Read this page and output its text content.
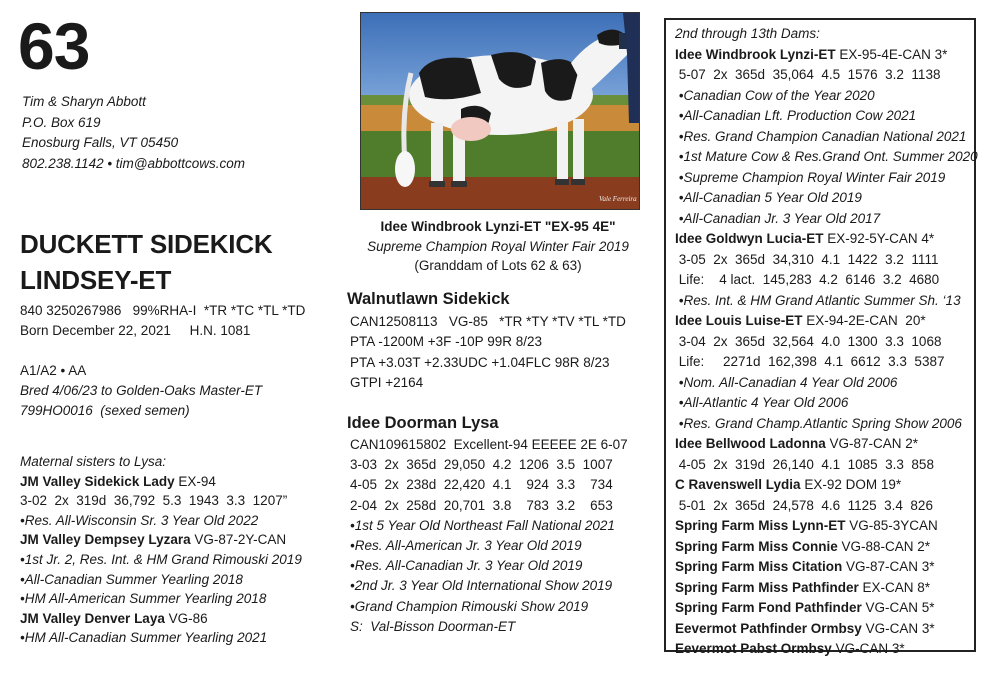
63
Tim & Sharyn Abbott
P.O. Box 619
Enosburg Falls, VT 05450
802.238.1142 • tim@abbottcows.com
DUCKETT SIDEKICK
LINDSEY-ET
840 3250267986   99%RHA-I  *TR *TC *TL *TD
Born December 22, 2021     H.N. 1081
A1/A2 • AA
Bred 4/06/23 to Golden-Oaks Master-ET
799HO0016  (sexed semen)
Maternal sisters to Lysa:
JM Valley Sidekick Lady EX-94
3-02  2x  319d  36,792  5.3  1943  3.3  1207”
•Res. All-Wisconsin Sr. 3 Year Old 2022
JM Valley Dempsey Lyzara VG-87-2Y-CAN
•1st Jr. 2, Res. Int. & HM Grand Rimouski 2019
•All-Canadian Summer Yearling 2018
•HM All-American Summer Yearling 2018
JM Valley Denver Laya VG-86
•HM All-Canadian Summer Yearling 2021
Vale Ferreira
Idee Windbrook Lynzi-ET "EX-95 4E"
Supreme Champion Royal Winter Fair 2019
(Granddam of Lots 62 & 63)
Walnutlawn Sidekick
CAN12508113   VG-85   *TR *TY *TV *TL *TD
PTA -1200M +3F -10P 99R 8/23
PTA +3.03T +2.33UDC +1.04FLC 98R 8/23
GTPI +2164
Idee Doorman Lysa
CAN109615802  Excellent-94 EEEEE 2E 6-07
3-03  2x  365d  29,050  4.2  1206  3.5  1007
4-05  2x  238d  22,420  4.1    924  3.3    734
2-04  2x  258d  20,701  3.8    783  3.2    653
•1st 5 Year Old Northeast Fall National 2021
•Res. All-American Jr. 3 Year Old 2019
•Res. All-Canadian Jr. 3 Year Old 2019
•2nd Jr. 3 Year Old International Show 2019
•Grand Champion Rimouski Show 2019
S:  Val-Bisson Doorman-ET
2nd through 13th Dams:
Idee Windbrook Lynzi-ET EX-95-4E-CAN 3*
5-07  2x  365d  35,064  4.5  1576  3.2  1138
•Canadian Cow of the Year 2020
•All-Canadian Lft. Production Cow 2021
•Res. Grand Champion Canadian National 2021
•1st Mature Cow & Res.Grand Ont. Summer 2020
•Supreme Champion Royal Winter Fair 2019
•All-Canadian 5 Year Old 2019
•All-Canadian Jr. 3 Year Old 2017
Idee Goldwyn Lucia-ET EX-92-5Y-CAN 4*
3-05  2x  365d  34,310  4.1  1422  3.2  1111
Life:    4 lact.  145,283  4.2  6146  3.2  4680
•Res. Int. & HM Grand Atlantic Summer Sh. ‘13
Idee Louis Luise-ET EX-94-2E-CAN  20*
3-04  2x  365d  32,564  4.0  1300  3.3  1068
Life:     2271d  162,398  4.1  6612  3.3  5387
•Nom. All-Canadian 4 Year Old 2006
•All-Atlantic 4 Year Old 2006
•Res. Grand Champ.Atlantic Spring Show 2006
Idee Bellwood Ladonna VG-87-CAN 2*
4-05  2x  319d  26,140  4.1  1085  3.3  858
C Ravenswell Lydia EX-92 DOM 19*
5-01  2x  365d  24,578  4.6  1125  3.4  826
Spring Farm Miss Lynn-ET VG-85-3YCAN
Spring Farm Miss Connie VG-88-CAN 2*
Spring Farm Miss Citation VG-87-CAN 3*
Spring Farm Miss Pathfinder EX-CAN 8*
Spring Farm Fond Pathfinder VG-CAN 5*
Eevermot Pathfinder Ormbsy VG-CAN 3*
Eevermot Pabst Ormbsy VG-CAN 3*
